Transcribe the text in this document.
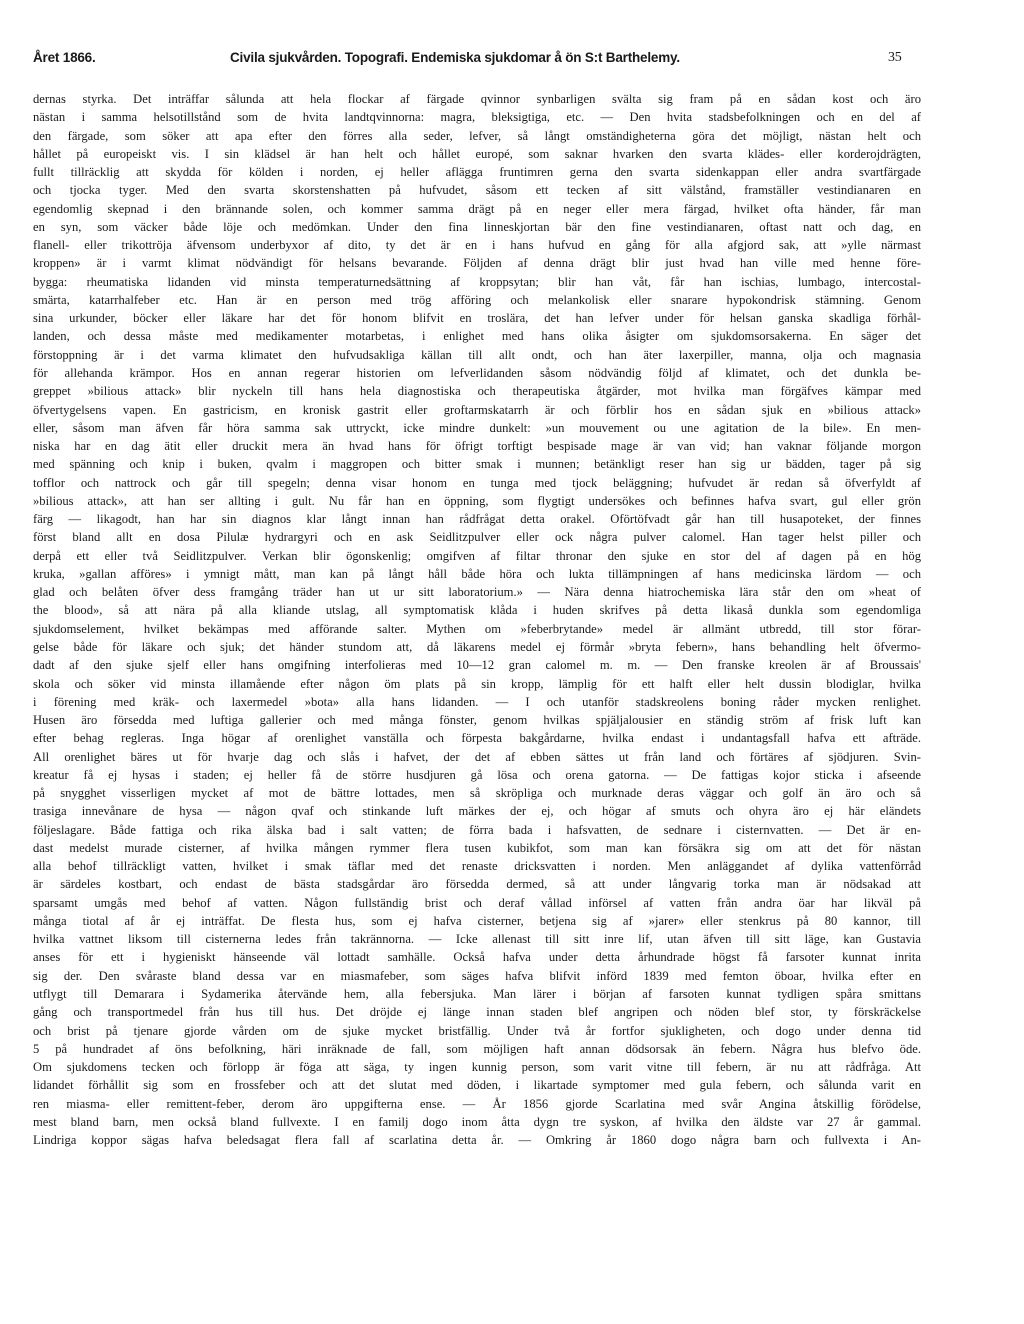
Året 1866.	Civila sjukvården. Topografi. Endemiska sjukdomar å ön S:t Barthelemy.	35
dernas styrka. Det inträffar sålunda att hela flockar af färgade qvinnor synbarligen svälta sig fram på en sådan kost och äro
nästan i samma helsotillstånd som de hvita landtqvinnorna: magra, bleksigtiga, etc. — Den hvita stadsbefolkningen och en del af
den färgade, som söker att apa efter den förres alla seder, lefver, så långt omständigheterna göra det möjligt, nästan helt och
hållet på europeiskt vis. I sin klädsel är han helt och hållet europé, som saknar hvarken den svarta klädes- eller korderojdrägten,
fullt tillräcklig att skydda för kölden i norden, ej heller afläggа fruntimren gerna den svarta sidenkappan eller andra svartfärgade
och tjocka tyger. Med den svarta skorstenshatten på hufvudet, såsom ett tecken af sitt välstånd, framställer vestindianaren en
egendomlig skepnad i den brännande solen, och kommer samma drägt på en neger eller mera färgad, hvilket ofta händer, får man
en syn, som väcker både löje och medömkan. Under den fina linneskjortan bär den fine vestindianaren, oftast natt och dag, en
flanell- eller trikottröja äfvensom underbyxor af dito, ty det är en i hans hufvud en gång för alla afgjord sak, att »ylle närmast
kroppen» är i varmt klimat nödvändigt för helsans bevarande. Följden af denna drägt blir just hvad han ville med henne före-
bygga: rheumatiska lidanden vid minsta temperaturnedsättning af kroppsytan; blir han våt, får han ischias, lumbago, intercostal-
smärta, katarrhalfeber etc. Han är en person med trög afföring och melankolisk eller snarare hypokondrisk stämning. Genom
sina urkunder, böcker eller läkare har det för honom blifvit en troslära, det han lefver under för helsan ganska skadliga förhål-
landen, och dessa måste med medikamenter motarbetas, i enlighet med hans olika åsigter om sjukdomsorsakerna. En säger det
förstoppning är i det varma klimatet den hufvudsakliga källan till allt ondt, och han äter laxerpiller, manna, olja och magnasia
för allehanda krämpor. Hos en annan regerar historien om lefverlidanden såsom nödvändig följd af klimatet, och det dunkla be-
greppet »bilious attack» blir nyckeln till hans hela diagnostiska och therapeutiska åtgärder, mot hvilka man förgäfves kämpar med
öfvertygelsens vapen. En gastricism, en kronisk gastrit eller groftarmskatarrh är och förblir hos en sådan sjuk en »bilious attack»
eller, såsom man äfven får höra samma sak uttryckt, icke mindre dunkelt: »un mouvement ou une agitation de la bile». En men-
niska har en dag ätit eller druckit mera än hvad hans för öfrigt torftigt bespisade mage är van vid; han vaknar följande morgon
med spänning och knip i buken, qvalm i maggropen och bitter smak i munnen; betänkligt reser han sig ur bädden, tager på sig
tofflor och nattrock och går till spegeln; denna visar honom en tunga med tjock beläggning; hufvudet är redan så öfverfyldt af
»bilious attack», att han ser allting i gult. Nu får han en öppning, som flygtigt undersökes och befinnes hafva svart, gul eller grön
färg — likagodt, han har sin diagnos klar långt innan han rådfrågat detta orakel. Oförtöfvadt går han till husapoteket, der finnes
först bland allt en dosa Pilulæ hydrargyri och en ask Seidlitzpulver eller ock några pulver calomel. Han tager helst piller och
derpå ett eller två Seidlitzpulver. Verkan blir ögonskenlig; omgifven af filtar thronar den sjuke en stor del af dagen på en hög
kruka, »gallan afföres» i ymnigt mått, man kan på långt håll både höra och lukta tillämpningen af hans medicinska lärdom — och
glad och belåten öfver dess framgång träder han ut ur sitt laboratorium.» — Nära denna hiatrochemiska lära står den om »heat of
the blood», så att nära på alla kliande utslag, all symptomatisk klåda i huden skrifves på detta likaså dunkla som egendomliga
sjukdomselement, hvilket bekämpas med afförande salter. Mythen om »feberbrytande» medel är allmänt utbredd, till stor förar-
gelse både för läkare och sjuk; det händer stundom att, då läkarens medel ej förmår »bryta febern», hans behandling helt öfvermo-
dadt af den sjuke sjelf eller hans omgifning interfolieras med 10—12 gran calomel m. m. — Den franske kreolen är af Broussais'
skola och söker vid minsta illamående efter någon öm plats på sin kropp, lämplig för ett halft eller helt dussin blodiglar, hvilka
i förening med kräk- och laxermedel »bota» alla hans lidanden. — I och utanför stadskreolens boning råder mycken renlighet.
Husen äro försedda med luftiga gallerier och med många fönster, genom hvilkas spjäljalousier en ständig ström af frisk luft kan
efter behag regleras. Inga högar af orenlighet vanställa och förpesta bakgårdarne, hvilka endast i undantagsfall hafva ett afträde.
All orenlighet bäres ut för hvarje dag och slås i hafvet, der det af ebben sättes ut från land och förtäres af sjödjuren. Svin-
kreatur få ej hysas i staden; ej heller få de större husdjuren gå lösa och orena gatorna. — De fattigas kojor sticka i afseende
på snygghet visserligen mycket af mot de bättre lottades, men så skröpliga och murknade deras väggar och golf än äro och så
trasiga innevånare de hysa — någon qvaf och stinkande luft märkes der ej, och högar af smuts och ohyra äro ej här eländets
följeslagare. Både fattiga och rika älska bad i salt vatten; de förra bada i hafsvatten, de sednare i cisternvatten. — Det är en-
dast medelst murade cisterner, af hvilka mången rymmer flera tusen kubikfot, som man kan försäkra sig om att det för nästan
alla behof tillräckligt vatten, hvilket i smak täflar med det renaste dricksvatten i norden. Men anläggandet af dylika vattenförråd
är särdeles kostbart, och endast de bästa stadsgårdar äro försedda dermed, så att under långvarig torka man är nödsakad att
sparsamt umgås med behof af vatten. Någon fullständig brist och deraf vållad införsel af vatten från andra öar har likväl på
många tiotal af år ej inträffat. De flesta hus, som ej hafva cisterner, betjena sig af »jarer» eller stenkrus på 80 kannor, till
hvilka vattnet liksom till cisternerna ledes från takrännorna. — Icke allenast till sitt inre lif, utan äfven till sitt läge, kan Gustavia
anses för ett i hygieniskt hänseende väl lottadt samhälle. Också hafva under detta århundrade högst få farsoter kunnat inrita
sig der. Den svåraste bland dessa var en miasmafeber, som säges hafva blifvit införd 1839 med femton öboar, hvilka efter en
utflygt till Demarara i Sydamerika återvände hem, alla febersjuka. Man lärer i början af farsoten kunnat tydligen spåra smittans
gång och transportmedel från hus till hus. Det dröjde ej länge innan staden blef angripen och nöden blef stor, ty förskräckelse
och brist på tjenare gjorde vården om de sjuke mycket bristfällig. Under två år fortfor sjukligheten, och dogo under denna tid
5 på hundradet af öns befolkning, häri inräknade de fall, som möjligen haft annan dödsorsak än febern. Några hus blefvo öde.
Om sjukdomens tecken och förlopp är föga att säga, ty ingen kunnig person, som varit vitne till febern, är nu att rådfråga. Att
lidandet förhållit sig som en frossfeber och att det slutat med döden, i likartade symptomer med gula febern, och sålunda varit en
ren miasma- eller remittent-feber, derom äro uppgifterna ense. — År 1856 gjorde Scarlatina med svår Angina åtskillig förödelse,
mest bland barn, men också bland fullvexte. I en familj dogo inom åtta dygn tre syskon, af hvilka den äldste var 27 år gammal.
Lindriga koppor sägas hafva beledsagat flera fall af scarlatina detta år. — Omkring år 1860 dogo några barn och fullvexta i An-
